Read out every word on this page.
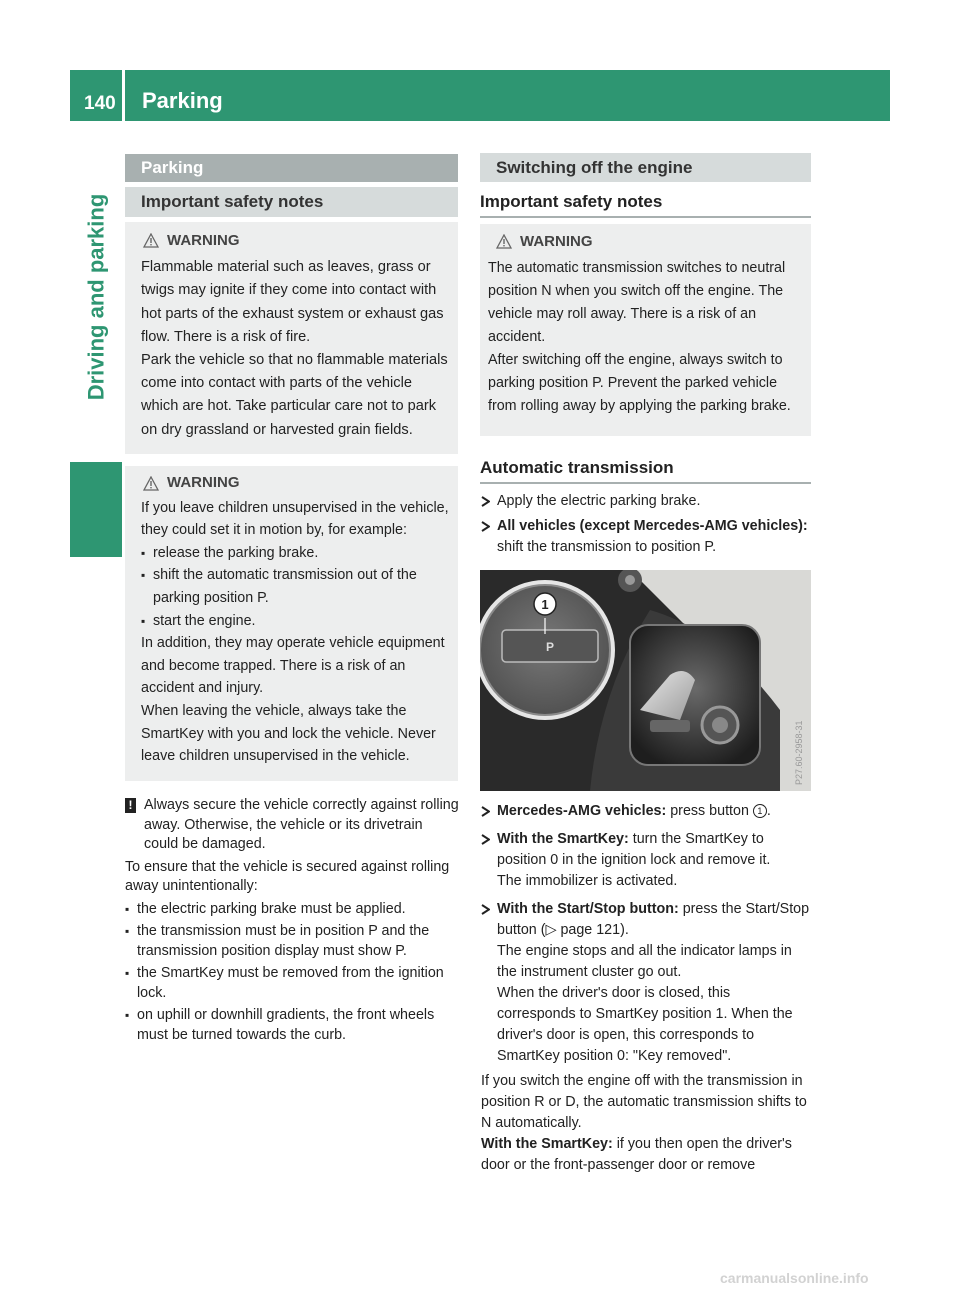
140 Parking
Driving and parking
Parking
Important safety notes
WARNING

Flammable material such as leaves, grass or twigs may ignite if they come into contact with hot parts of the exhaust system or exhaust gas flow. There is a risk of fire.

Park the vehicle so that no flammable materials come into contact with parts of the vehicle which are hot. Take particular care not to park on dry grassland or harvested grain fields.

WARNING

If you leave children unsupervised in the vehicle, they could set it in motion by, for example:

▪ release the parking brake.
▪ shift the automatic transmission out of the parking position P.
▪ start the engine.

In addition, they may operate vehicle equipment and become trapped. There is a risk of an accident and injury.

When leaving the vehicle, always take the SmartKey with you and lock the vehicle. Never leave children unsupervised in the vehicle.

! Always secure the vehicle correctly against rolling away. Otherwise, the vehicle or its drivetrain could be damaged.

To ensure that the vehicle is secured against rolling away unintentionally:

▪ the electric parking brake must be applied.
▪ the transmission must be in position P and the transmission position display must show P.
▪ the SmartKey must be removed from the ignition lock.
▪ on uphill or downhill gradients, the front wheels must be turned towards the curb.
Switching off the engine
Important safety notes
WARNING

The automatic transmission switches to neutral position N when you switch off the engine. The vehicle may roll away. There is a risk of an accident.

After switching off the engine, always switch to parking position P. Prevent the parked vehicle from rolling away by applying the parking brake.

Automatic transmission
Apply the electric parking brake.
All vehicles (except Mercedes-AMG vehicles): shift the transmission to position P.
1
P
P27.60-2958-31
Mercedes-AMG vehicles: press button 1 .
With the SmartKey: turn the SmartKey to position 0 in the ignition lock and remove it.
The immobilizer is activated.
With the Start/Stop button: press the Start/Stop button (▷ page 121).
The engine stops and all the indicator lamps in the instrument cluster go out.
When the driver's door is closed, this corresponds to SmartKey position 1. When the driver's door is open, this corresponds to SmartKey position 0: "Key removed".

If you switch the engine off with the transmission in position R or D, the automatic transmission shifts to N automatically.

With the SmartKey: if you then open the driver's door or the front-passenger door or remove

carmanualsonline.info
